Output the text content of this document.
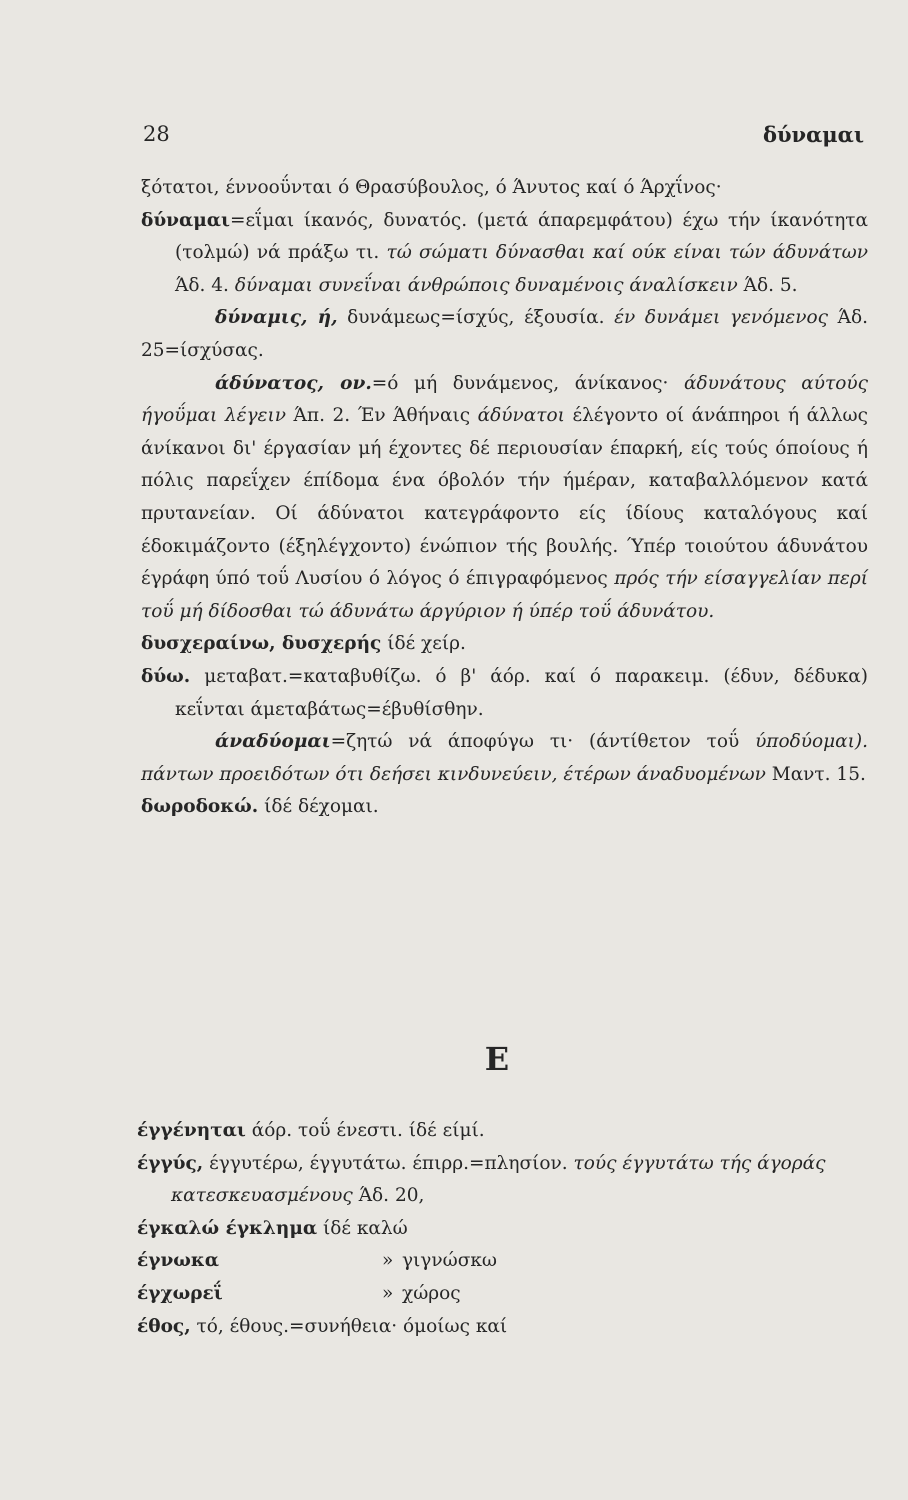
28	δύναμαι

ξότατοι, έννοοΰνται ό Θρασύβουλος, ό Άνυτος καί ό Άρχΐνος·

δύναμαι=εΐμαι ίκανός, δυνατός. (μετά άπαρεμφάτου) έχω τήν ίκανότητα (τολμώ) νά πράξω τι. τώ σώματι δύνασθαι καί ούκ είναι τών άδυνάτων Άδ. 4. δύναμαι συνεΐναι άνθρώποις δυναμένοις άναλίσκειν Άδ. 5.

δύναμις, ή, δυνάμεως=ίσχύς, έξουσία. έν δυνάμει γενόμενος Άδ. 25=ίσχύσας.

άδύνατος, ον.=ό μή δυνάμενος, άνίκανος· άδυνάτους αύτούς ήγοΰμαι λέγειν Άπ. 2. Έν Άθήναις άδύνατοι έλέγοντο οί άνάπηροι ή άλλως άνίκανοι δι' έργασίαν μή έχοντες δέ περιουσίαν έπαρκή, είς τούς όποίους ή πόλις παρεΐχεν έπίδομα ένα όβολόν τήν ήμέραν, καταβαλλόμενον κατά πρυτανείαν. Οί άδύνατοι κατεγράφοντο είς ίδίους καταλόγους καί έδοκιμάζοντο (έξηλέγχοντο) ένώπιον τής βουλής. Ύπέρ τοιούτου άδυνάτου έγράφη ύπό τοΰ Λυσίου ό λόγος ό έπιγραφόμενος πρός τήν είσαγγελίαν περί τοΰ μή δίδοσθαι τώ άδυνάτω άργύριον ή ύπέρ τοΰ άδυνάτου.

δυσχεραίνω, δυσχερής ίδέ χείρ.

δύω. μεταβατ.=καταβυθίζω. ό β' άόρ. καί ό παρακειμ. (έδυν, δέδυκα) κεΐνται άμεταβάτως=έβυθίσθην.

άναδύομαι=ζητώ νά άποφύγω τι· (άντίθετον τοΰ ύποδύομαι). πάντων προειδότων ότι δεήσει κινδυνεύειν, έτέρων άναδυομένων Μαντ. 15.

δωροδοκώ. ίδέ δέχομαι.

Ε

έγγένηται άόρ. τοΰ ένεστι. ίδέ είμί.

έγγύς, έγγυτέρω, έγγυτάτω. έπιρρ.=πλησίον. τούς έγγυτάτω τής άγοράς κατεσκευασμένους Άδ. 20,

έγκαλώ έγκλημα ίδέ καλώ

έγνωκα	» γιγνώσκω

έγχωρεΐ	» χώρος

έθος, τό, έθους.=συνήθεια· όμοίως καί
